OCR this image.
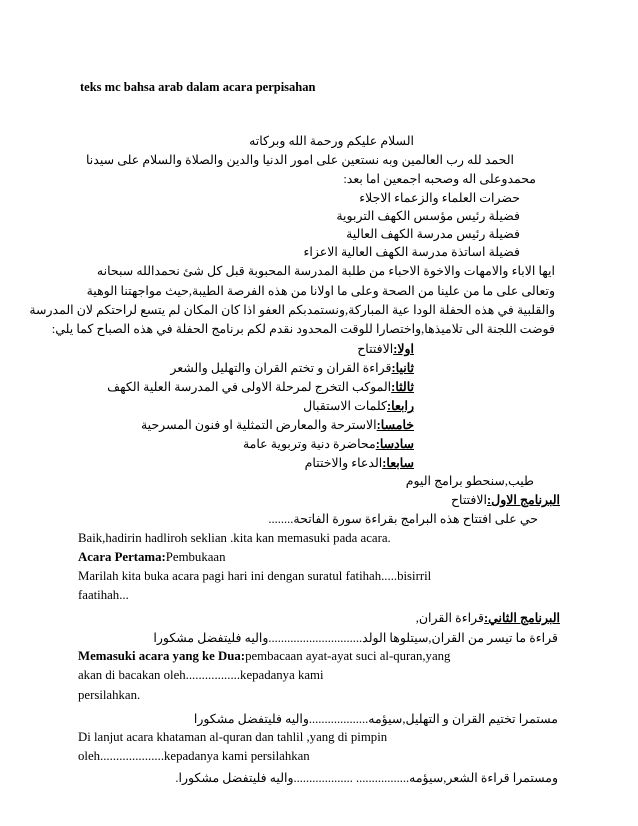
teks mc bahsa arab dalam acara perpisahan
السلام عليكم ورحمة الله وبركاته
الحمد لله رب العالمين وبه نستعين على امور الدنيا والدين والصلاة والسلام على سيدنا
محمدوعلى اله وصحبه اجمعين اما بعد:
حضرات العلماء والزعماء الاجلاء
فضيلة رئيس مؤسس الكهف التربوية
فضيلة رئيس مدرسة الكهف العالية
فضيلة اساتذة مدرسة الكهف العالية الاعزاء
ايها الاباء والامهات والاخوة الاحباء من طلبة المدرسة المحبوبة قبل كل شئ نحمدالله سبحانه
وتعالى على ما من علينا من الصحة وعلى ما اولانا من هذه الفرصة الطيبة,حيث مواجهتنا الوهية
والقلبية في هذه الحفلة الودا عية المباركة,ونستمدبكم العفو اذا كان المكان لم يتسع لراحتكم لان المدرسة
فوضت اللجنة الى تلاميذها,واختصارا للوقت المحدود نقدم لكم برنامج الحفلة في هذه الصباح كما يلي:
اولا:الافتتاح
ثانيا:قراءة القران و تختم القران والتهليل والشعر
ثالثا:الموكب التخرج لمرحلة الاولى في المدرسة العلية الكهف
رابعا:كلمات الاستقبال
خامسا:الاسترحة والمعارض التمثلية او فنون المسرحية
سادسا:محاضرة دنية وتربوية عامة
سابعا:الدعاء والاختتام
طيب,سنحطو برامج اليوم
البرنامج الاول:الافتتاح
حي على افتتاح هذه البرامج بقراءة سورة الفاتحة........
Baik,hadirin hadliroh seklian .kita kan memasuki pada acara.
Acara Pertama:Pembukaan
Marilah kita buka acara pagi hari ini dengan suratul fatihah.....bisirril
faatihah...
البرنامج الثاني:قراءة القران,
قراءة ما تيسر من القران,سيتلوها الولد..............................واليه فليتفضل مشكورا
Memasuki acara yang ke Dua:pembacaan ayat-ayat suci al-quran,yang
akan di bacakan oleh.................kepadanya kami
persilahkan.
مستمرا تختيم القران و التهليل,سيؤمه...................واليه فليتفضل مشكورا
Di lanjut acara khataman al-quran dan tahlil ,yang di pimpin
oleh....................kepadanya kami persilahkan
ومستمرا قراءة الشعر,سيؤمه................. ...................واليه فليتفضل مشكورا.
